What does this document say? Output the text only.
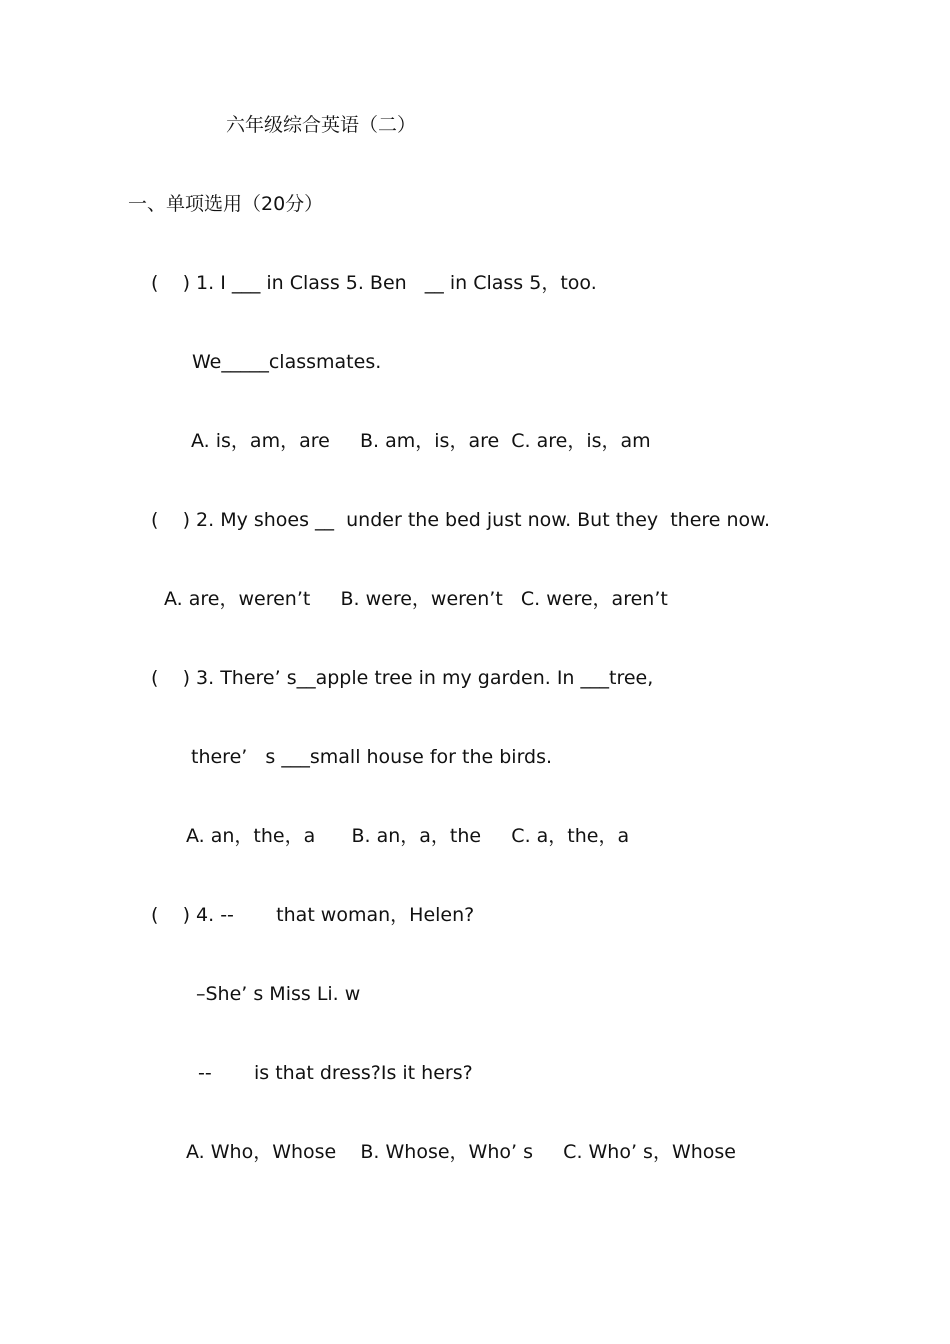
六年级综合英语（二）
一、单项选用（20分）
(    ) 1. I ___ in Class 5. Ben   __ in Class 5，too.
We_____classmates.
A. is，am，are     B. am，is，are  C. are，is，am
(    ) 2. My shoes __  under the bed just now. But they  there now.
A. are，weren’t     B. were，weren’t   C. were，aren’t
(    ) 3. There’ s__apple tree in my garden. In ___tree,
there’   s ___small house for the birds.
A. an，the，a      B. an，a，the     C. a，the，a
(    ) 4. --       that woman，Helen?
–She’ s Miss Li. w
--       is that dress?Is it hers?
A. Who，Whose    B. Whose，Who’ s     C. Who’ s，Whose
